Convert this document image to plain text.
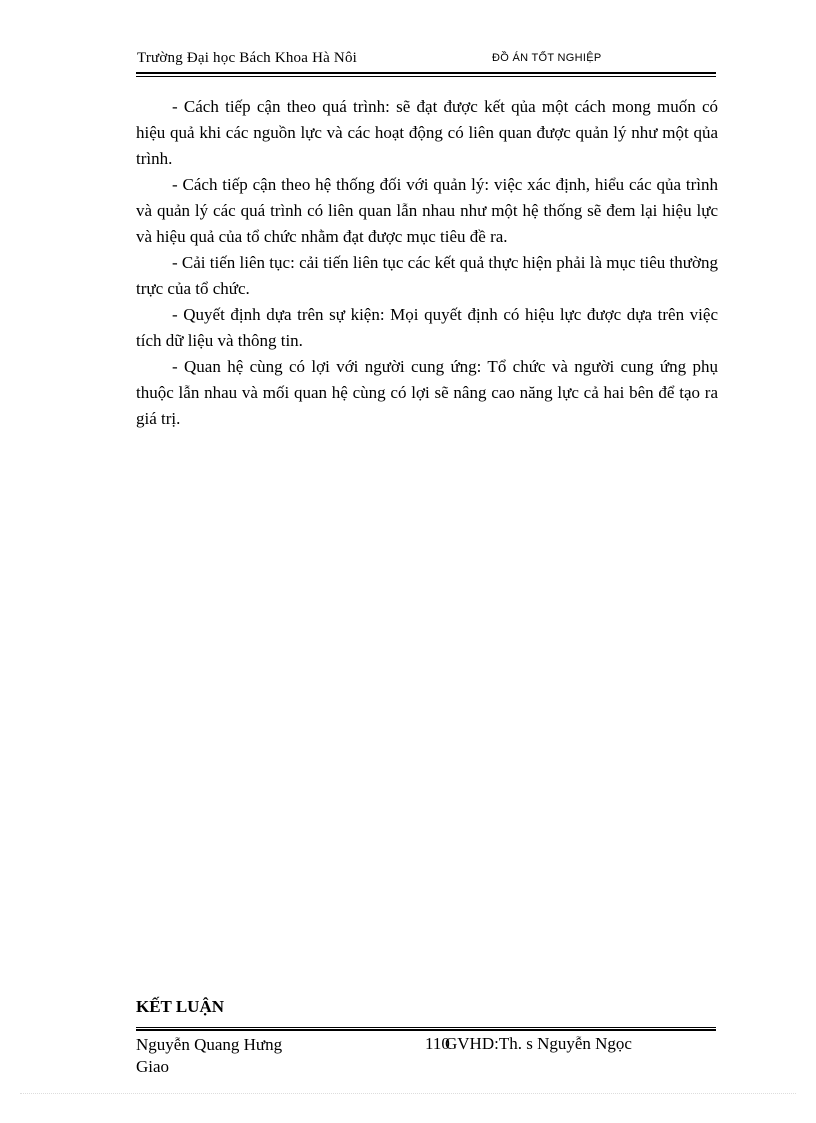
Trường Đại học Bách Khoa Hà Nôi	ĐỒ ÁN TỐT NGHIỆP

- Cách tiếp cận theo quá trình: sẽ đạt được kết qủa một cách mong muốn có hiệu quả khi các nguồn lực và các hoạt động có liên quan được quản lý như một qủa trình.

- Cách tiếp cận theo hệ thống đối với quản lý: việc xác định, hiểu các qủa trình và quản lý các quá trình có liên quan lẫn nhau như một hệ thống sẽ đem lại hiệu lực và hiệu quả của tổ chức nhằm đạt được mục tiêu đề ra.

- Cải tiến liên tục: cải tiến liên tục các kết quả thực hiện phải là mục tiêu thường trực của tổ chức.

- Quyết định dựa trên sự kiện: Mọi quyết định có hiệu lực được dựa trên việc tích dữ liệu và thông tin.

- Quan hệ cùng có lợi với người cung ứng: Tổ chức và người cung ứng phụ thuộc lẫn nhau và mối quan hệ cùng có lợi sẽ nâng cao năng lực cả hai bên để tạo ra giá trị.

KẾT LUẬN
Nguyễn Quang Hưng
Giao
110
GVHD:Th. s Nguyễn Ngọc
